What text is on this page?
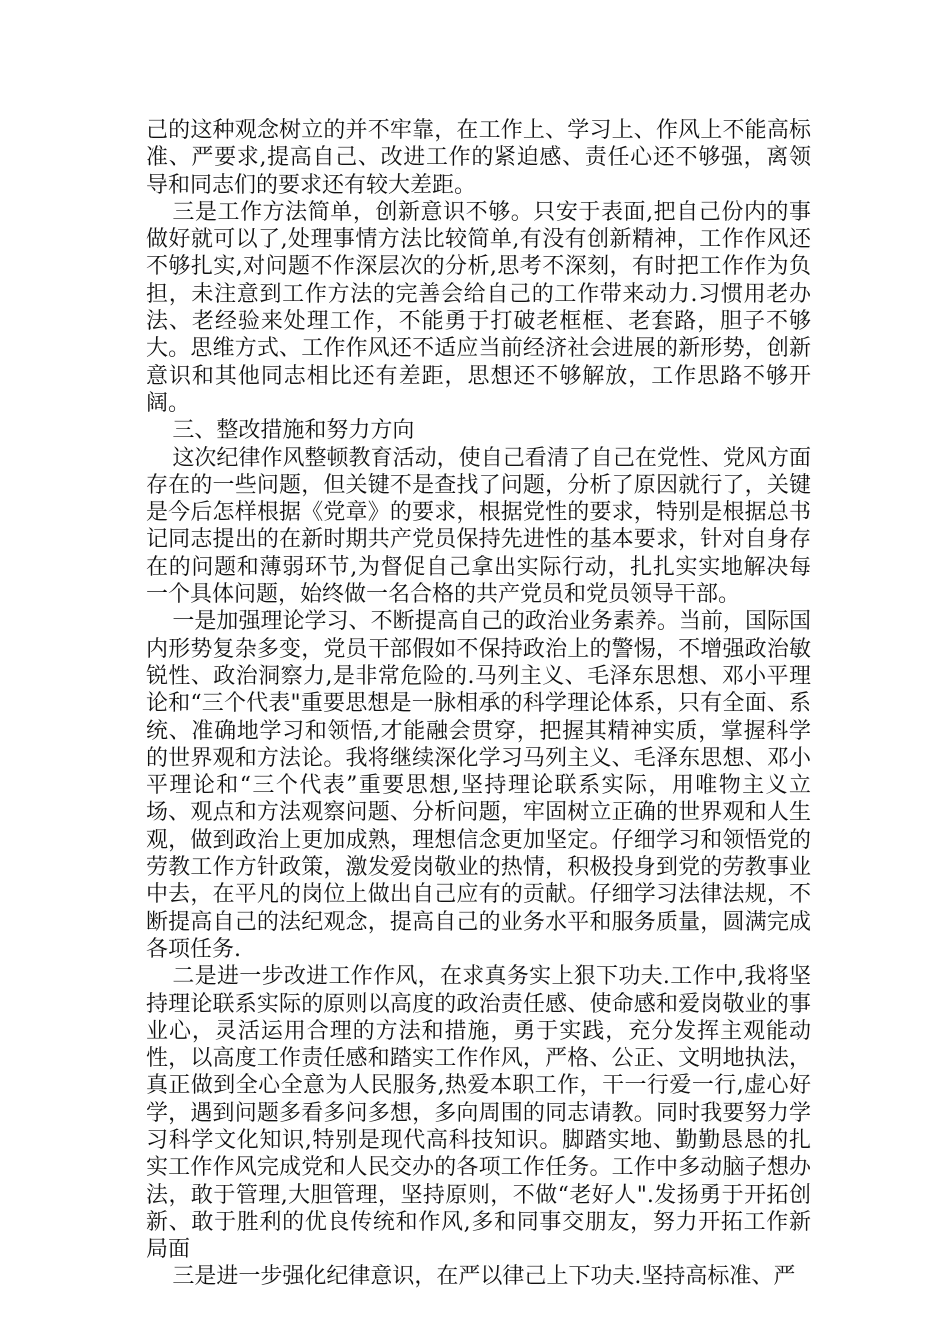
己的这种观念树立的并不牢靠，在工作上、学习上、作风上不能高标准、严要求,提高自己、改进工作的紧迫感、责任心还不够强，离领导和同志们的要求还有较大差距。

三是工作方法简单，创新意识不够。只安于表面,把自己份内的事做好就可以了,处理事情方法比较简单,有没有创新精神，工作作风还不够扎实,对问题不作深层次的分析,思考不深刻，有时把工作作为负担，未注意到工作方法的完善会给自己的工作带来动力.习惯用老办法、老经验来处理工作，不能勇于打破老框框、老套路，胆子不够大。思维方式、工作作风还不适应当前经济社会进展的新形势，创新意识和其他同志相比还有差距，思想还不够解放，工作思路不够开阔。

三、整改措施和努力方向

这次纪律作风整顿教育活动，使自己看清了自己在党性、党风方面存在的一些问题，但关键不是查找了问题，分析了原因就行了，关键是今后怎样根据《党章》的要求，根据党性的要求，特别是根据总书记同志提出的在新时期共产党员保持先进性的基本要求，针对自身存在的问题和薄弱环节,为督促自己拿出实际行动，扎扎实实地解决每一个具体问题，始终做一名合格的共产党员和党员领导干部。

一是加强理论学习、不断提高自己的政治业务素养。当前，国际国内形势复杂多变，党员干部假如不保持政治上的警惕，不增强政治敏锐性、政治洞察力,是非常危险的.马列主义、毛泽东思想、邓小平理论和“三个代表"重要思想是一脉相承的科学理论体系，只有全面、系统、准确地学习和领悟,才能融会贯穿，把握其精神实质，掌握科学的世界观和方法论。我将继续深化学习马列主义、毛泽东思想、邓小平理论和“三个代表”重要思想,坚持理论联系实际，用唯物主义立场、观点和方法观察问题、分析问题，牢固树立正确的世界观和人生观，做到政治上更加成熟，理想信念更加坚定。仔细学习和领悟党的劳教工作方针政策，激发爱岗敬业的热情，积极投身到党的劳教事业中去，在平凡的岗位上做出自己应有的贡献。仔细学习法律法规，不断提高自己的法纪观念，提高自己的业务水平和服务质量，圆满完成各项任务.

二是进一步改进工作作风，在求真务实上狠下功夫.工作中,我将坚持理论联系实际的原则以高度的政治责任感、使命感和爱岗敬业的事业心，灵活运用合理的方法和措施，勇于实践，充分发挥主观能动性，以高度工作责任感和踏实工作作风，严格、公正、文明地执法，真正做到全心全意为人民服务,热爱本职工作，干一行爱一行,虚心好学，遇到问题多看多问多想，多向周围的同志请教。同时我要努力学习科学文化知识,特别是现代高科技知识。脚踏实地、勤勤恳恳的扎实工作作风完成党和人民交办的各项工作任务。工作中多动脑子想办法，敢于管理,大胆管理，坚持原则，不做“老好人".发扬勇于开拓创新、敢于胜利的优良传统和作风,多和同事交朋友，努力开拓工作新局面

三是进一步强化纪律意识，在严以律己上下功夫.坚持高标准、严
